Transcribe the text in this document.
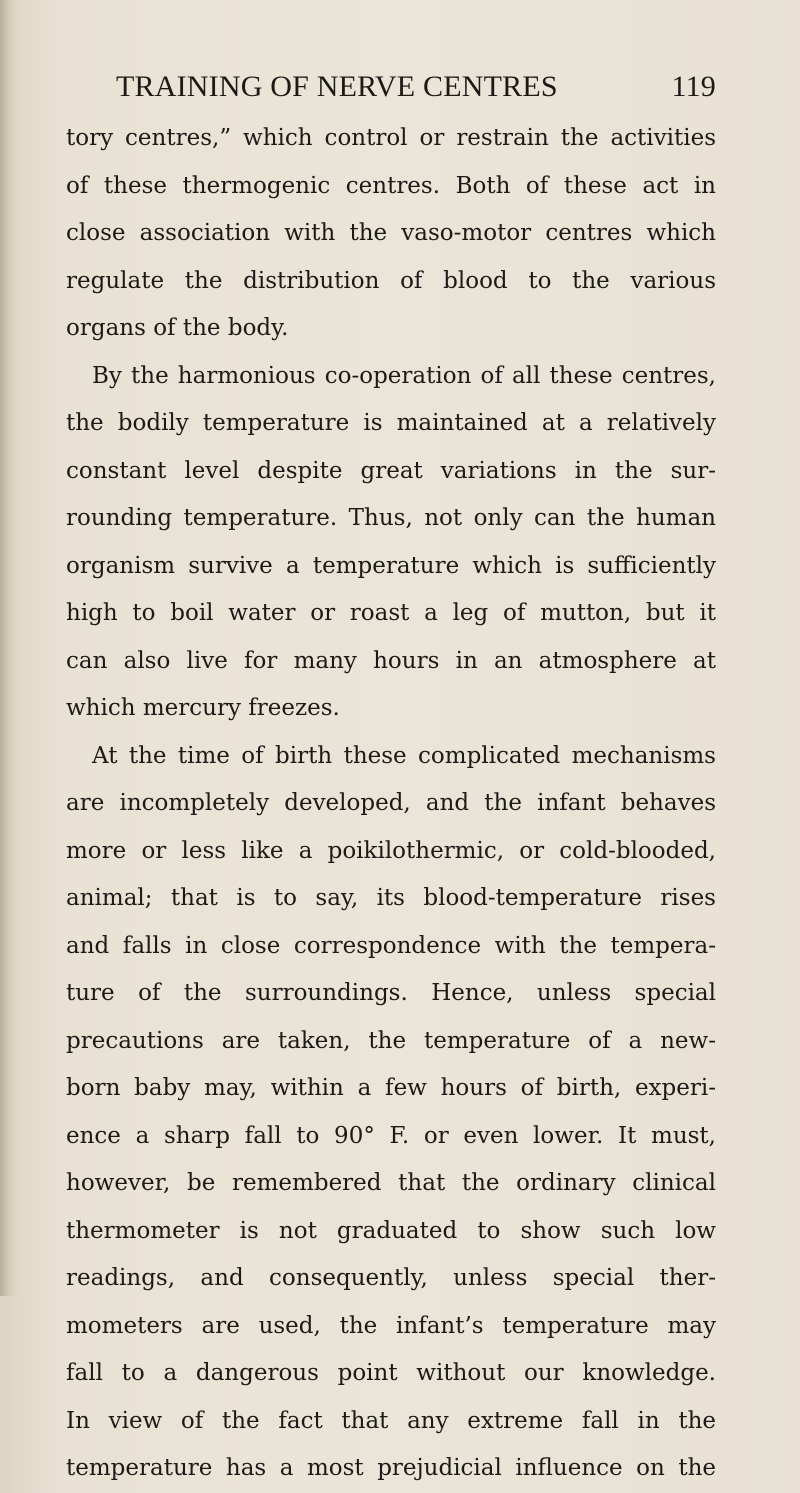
TRAINING OF NERVE CENTRES	119
tory centres,” which control or restrain the activities
of these thermogenic centres. Both of these act in
close association with the vaso-motor centres which
regulate the distribution of blood to the various
organs of the body.
By the harmonious co-operation of all these centres,
the bodily temperature is maintained at a relatively
constant level despite great variations in the sur-
rounding temperature. Thus, not only can the human
organism survive a temperature which is sufficiently
high to boil water or roast a leg of mutton, but it
can also live for many hours in an atmosphere at
which mercury freezes.
At the time of birth these complicated mechanisms
are incompletely developed, and the infant behaves
more or less like a poikilothermic, or cold-blooded,
animal; that is to say, its blood-temperature rises
and falls in close correspondence with the tempera-
ture of the surroundings. Hence, unless special
precautions are taken, the temperature of a new-
born baby may, within a few hours of birth, experi-
ence a sharp fall to 90° F. or even lower. It must,
however, be remembered that the ordinary clinical
thermometer is not graduated to show such low
readings, and consequently, unless special ther-
mometers are used, the infant’s temperature may
fall to a dangerous point without our knowledge.
In view of the fact that any extreme fall in the
temperature has a most prejudicial influence on the
